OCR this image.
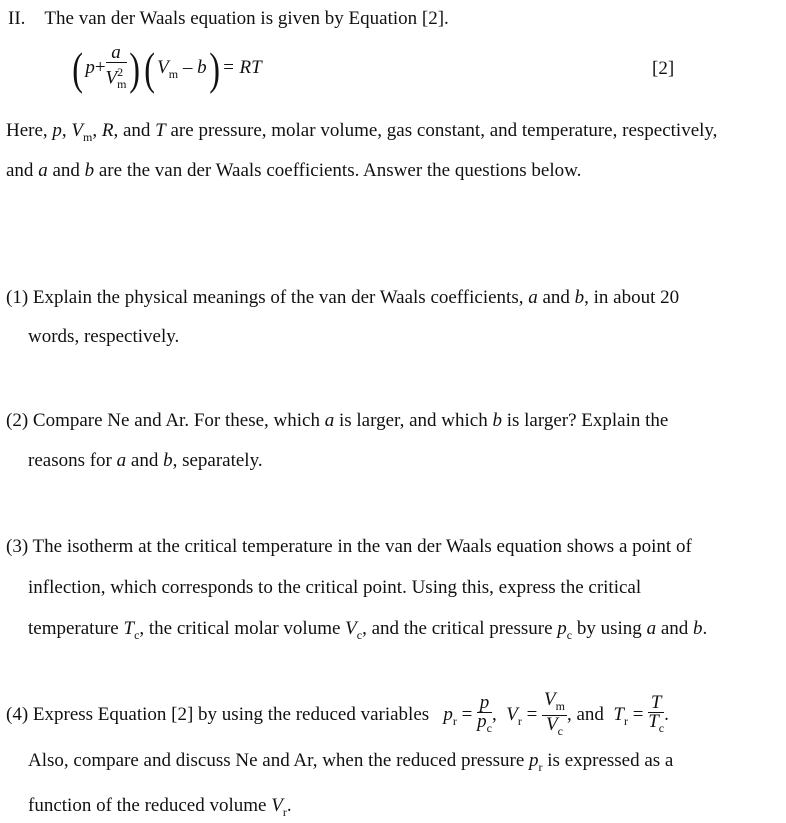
II. The van der Waals equation is given by Equation [2].
( $p+ \frac{a}{V^2_m}$ )( $V_m - b$) = RT	[2]
Here, p, $V_m$, R, and T are pressure, molar volume, gas constant, and temperature, respectively,
and a and b are the van der Waals coefficients. Answer the questions below.
(1) Explain the physical meanings of the van der Waals coefficients, a and b, in about 20
words, respectively.
(2) Compare Ne and Ar. For these, which a is larger, and which b is larger? Explain the
reasons for a and b, separately.
(3) The isotherm at the critical temperature in the van der Waals equation shows a point of
inflection, which corresponds to the critical point. Using this, express the critical
temperature $T_c$, the critical molar volume $V_c$, and the critical pressure $p_c$ by using a and b.
(4) Express Equation [2] by using the reduced variables $p_r = \frac{p}{p_c}$ , $V_r = \frac{V_m}{V_c}$ , and $T_r = \frac{T}{T_c}$ .
Also, compare and discuss Ne and Ar, when the reduced pressure $p_r$ is expressed as a
function of the reduced volume $V_r$.
